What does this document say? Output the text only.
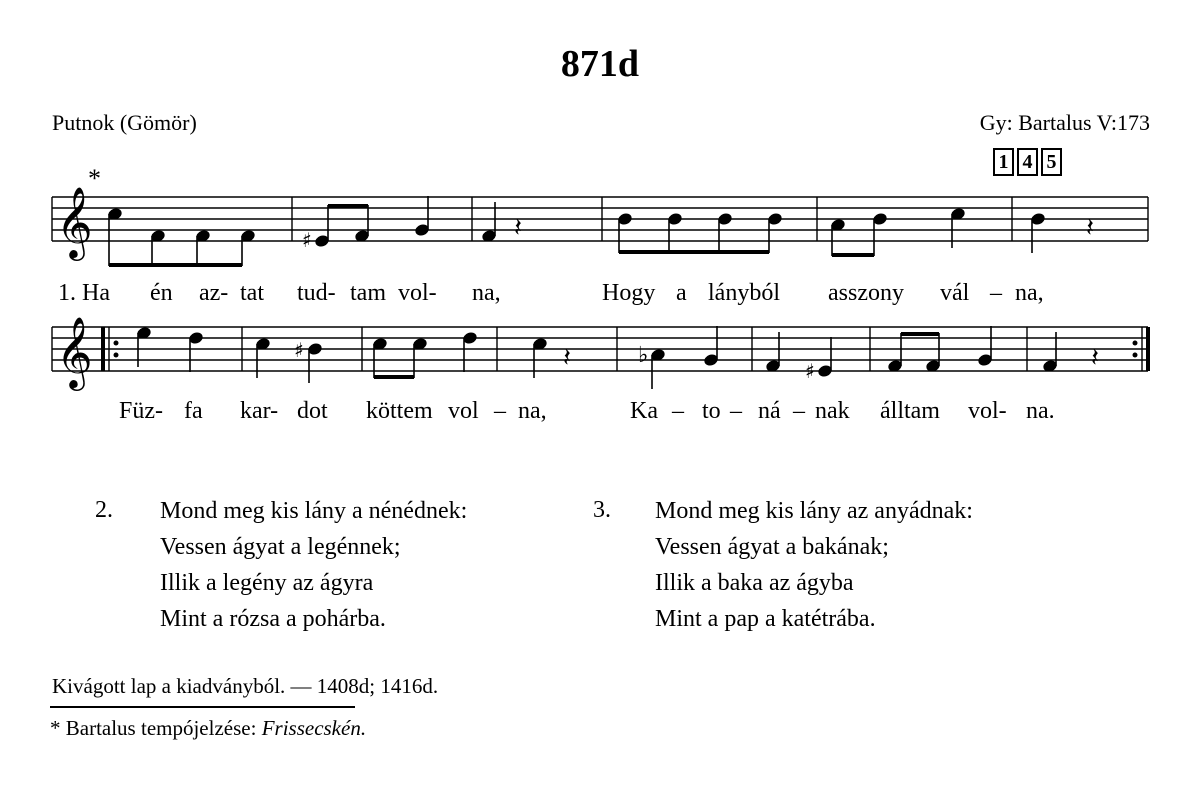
871d
Putnok (Gömör)	Gy: Bartalus V:173
1 4 5
*
𝄞
𝄞
♯	𝄽	𝄽
♯	𝄽	♭
♯	𝄽
1. Ha én az- tat tud- tam vol- na,	Hogy a lányból asszony vál – na,
Füz- fa kar- dot köttem vol – na,	Ka – to – ná – nak álltam vol- na.
2. Mond meg kis lány a nénédnek:
Vessen ágyat a legénnek;
Illik a legény az ágyra
Mint a rózsa a pohárba.
3. Mond meg kis lány az anyádnak:
Vessen ágyat a bakának;
Illik a baka az ágyba
Mint a pap a katétrába.
Kivágott lap a kiadványból. — 1408d; 1416d.
* Bartalus tempójelzése: Frissecskén.
